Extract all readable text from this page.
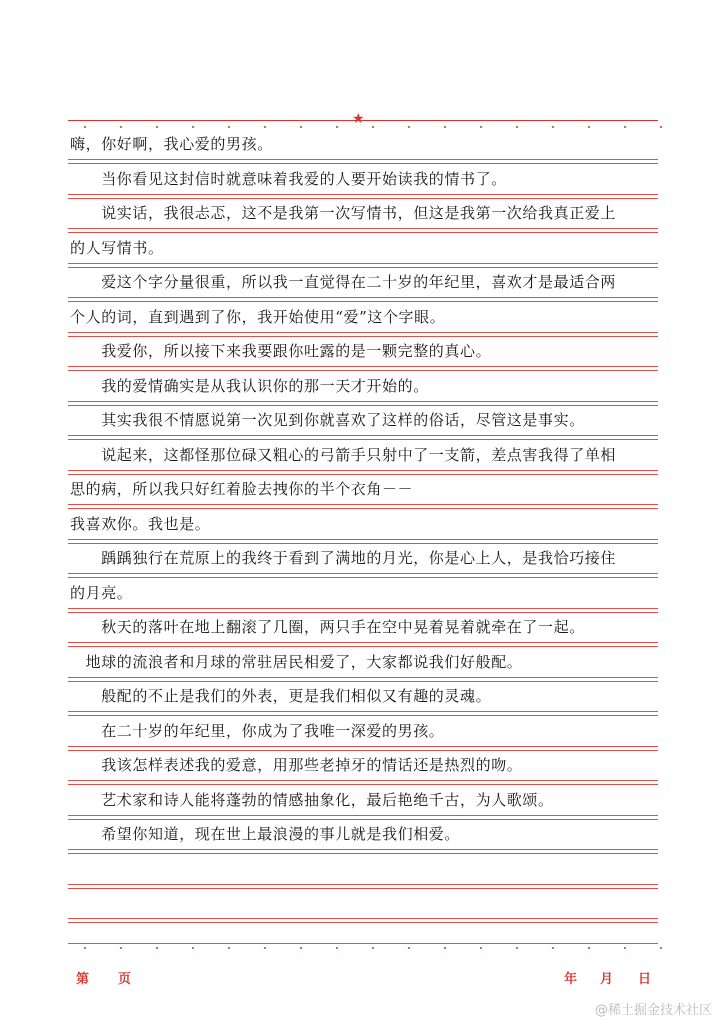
★
嗨，你好啊，我心爱的男孩。
　　当你看见这封信时就意味着我爱的人要开始读我的情书了。
　　说实话，我很忐忑，这不是我第一次写情书，但这是我第一次给我真正爱上
的人写情书。
　　爱这个字分量很重，所以我一直觉得在二十岁的年纪里，喜欢才是最适合两
个人的词，直到遇到了你，我开始使用“爱”这个字眼。
　　我爱你，所以接下来我要跟你吐露的是一颗完整的真心。
　　我的爱情确实是从我认识你的那一天才开始的。
　　其实我很不情愿说第一次见到你就喜欢了这样的俗话，尽管这是事实。
　　说起来，这都怪那位碌又粗心的弓箭手只射中了一支箭，差点害我得了单相
思的病，所以我只好红着脸去拽你的半个衣角－－
我喜欢你。我也是。
　　踽踽独行在荒原上的我终于看到了满地的月光，你是心上人，是我恰巧接住
的月亮。
　　秋天的落叶在地上翻滚了几圈，两只手在空中晃着晃着就牵在了一起。
　地球的流浪者和月球的常驻居民相爱了，大家都说我们好般配。
　　般配的不止是我们的外表，更是我们相似又有趣的灵魂。
　　在二十岁的年纪里，你成为了我唯一深爱的男孩。
　　我该怎样表述我的爱意，用那些老掉牙的情话还是热烈的吻。
　　艺术家和诗人能将蓬勃的情感抽象化，最后艳绝千古，为人歌颂。
　　希望你知道，现在世上最浪漫的事儿就是我们相爱。
第 页	年 月 日
@稀土掘金技术社区
